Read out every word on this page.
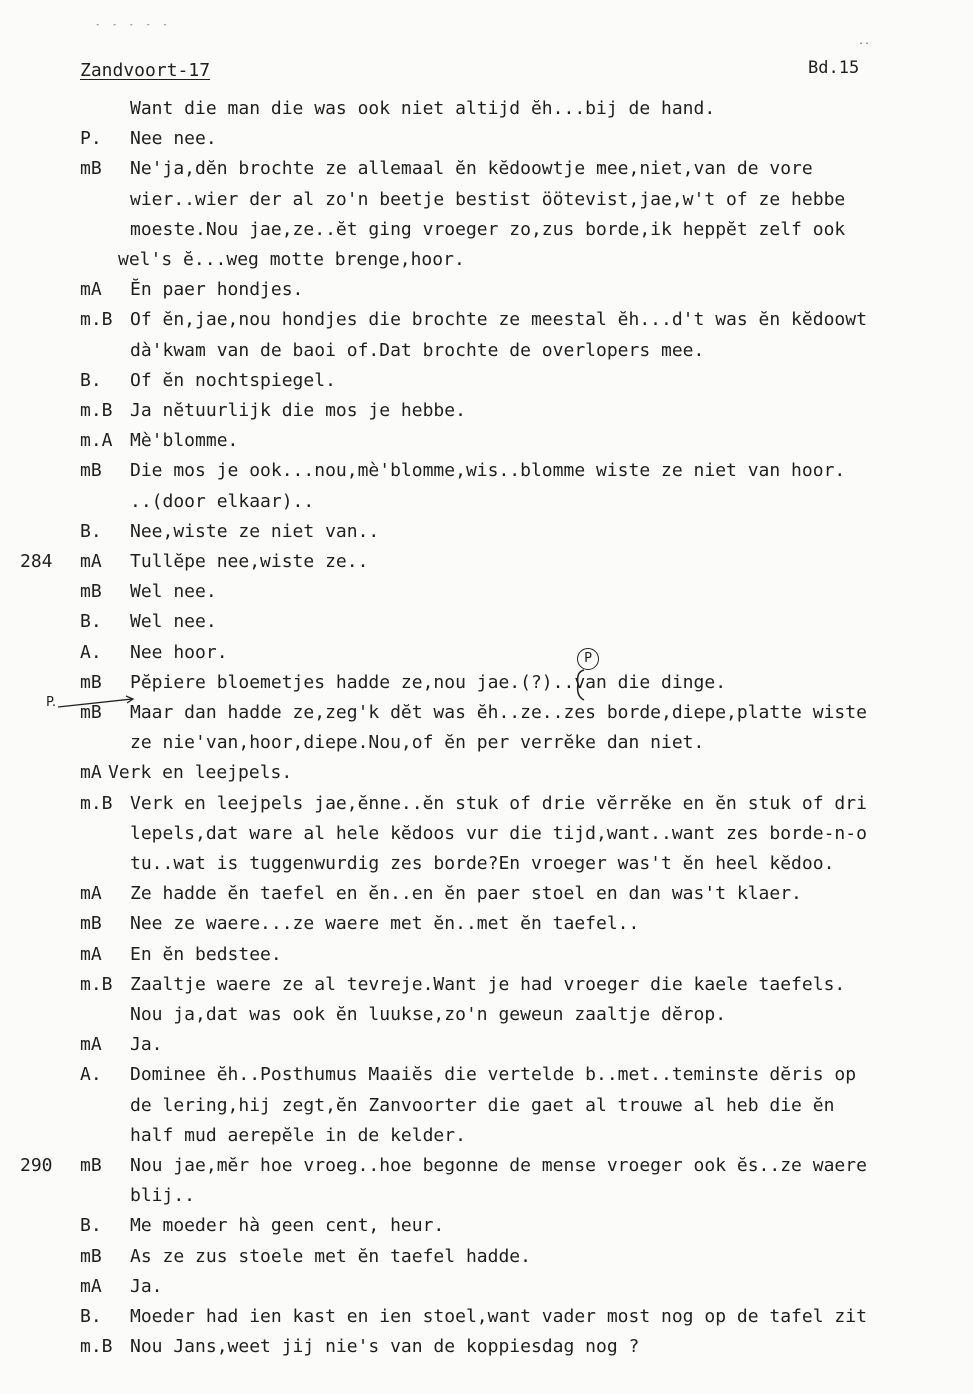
- - - - -
..
Zandvoort-17	Bd.15
Want die man die was ook niet altijd ĕh...bij de hand.
P. Nee nee.
mB Ne'ja,dĕn brochte ze allemaal ĕn kĕdoowtje mee,niet,van de vore
wier..wier der al zo'n beetje bestist öötevist,jae,w't of ze hebbe
moeste.Nou jae,ze..ĕt ging vroeger zo,zus borde,ik heppĕt zelf ook
wel's ĕ...weg motte brenge,hoor.
mA Ĕn paer hondjes.
m.B Of ĕn,jae,nou hondjes die brochte ze meestal ĕh...d't was ĕn kĕdoowt
dà'kwam van de baoi of.Dat brochte de overlopers mee.
B. Of ĕn nochtspiegel.
m.B Ja nĕtuurlijk die mos je hebbe.
m.A Mè'blomme.
mB Die mos je ook...nou,mè'blomme,wis..blomme wiste ze niet van hoor.
..(door elkaar)..
B. Nee,wiste ze niet van..
284 mA Tullĕpe nee,wiste ze..
mB Wel nee.
B. Wel nee.
A. Nee hoor.
mB Pĕpiere bloemetjes hadde ze,nou jae.(?)..van die dinge.
mB Maar dan hadde ze,zeg'k dĕt was ĕh..ze..zes borde,diepe,platte wiste
ze nie'van,hoor,diepe.Nou,of ĕn per verrĕke dan niet.
mA Verk en leejpels.
m.B Verk en leejpels jae,ĕnne..ĕn stuk of drie vĕrrĕke en ĕn stuk of dri
lepels,dat ware al hele kĕdoos vur die tijd,want..want zes borde-n-o
tu..wat is tuggenwurdig zes borde?En vroeger was't ĕn heel kĕdoo.
mA Ze hadde ĕn taefel en ĕn..en ĕn paer stoel en dan was't klaer.
mB Nee ze waere...ze waere met ĕn..met ĕn taefel..
mA En ĕn bedstee.
m.B Zaaltje waere ze al tevreje.Want je had vroeger die kaele taefels.
Nou ja,dat was ook ĕn luukse,zo'n geweun zaaltje dĕrop.
mA Ja.
A. Dominee ĕh..Posthumus Maaiĕs die vertelde b..met..teminste dĕris op
de lering,hij zegt,ĕn Zanvoorter die gaet al trouwe al heb die ĕn
half mud aerepĕle in de kelder.
290 mB Nou jae,mĕr hoe vroeg..hoe begonne de mense vroeger ook ĕs..ze waere
blij..
B. Me moeder hà geen cent, heur.
mB As ze zus stoele met ĕn taefel hadde.
mA Ja.
B. Moeder had ien kast en ien stoel,want vader most nog op de tafel zit
m.B Nou Jans,weet jij nie's van de koppiesdag nog ?
P
P.
